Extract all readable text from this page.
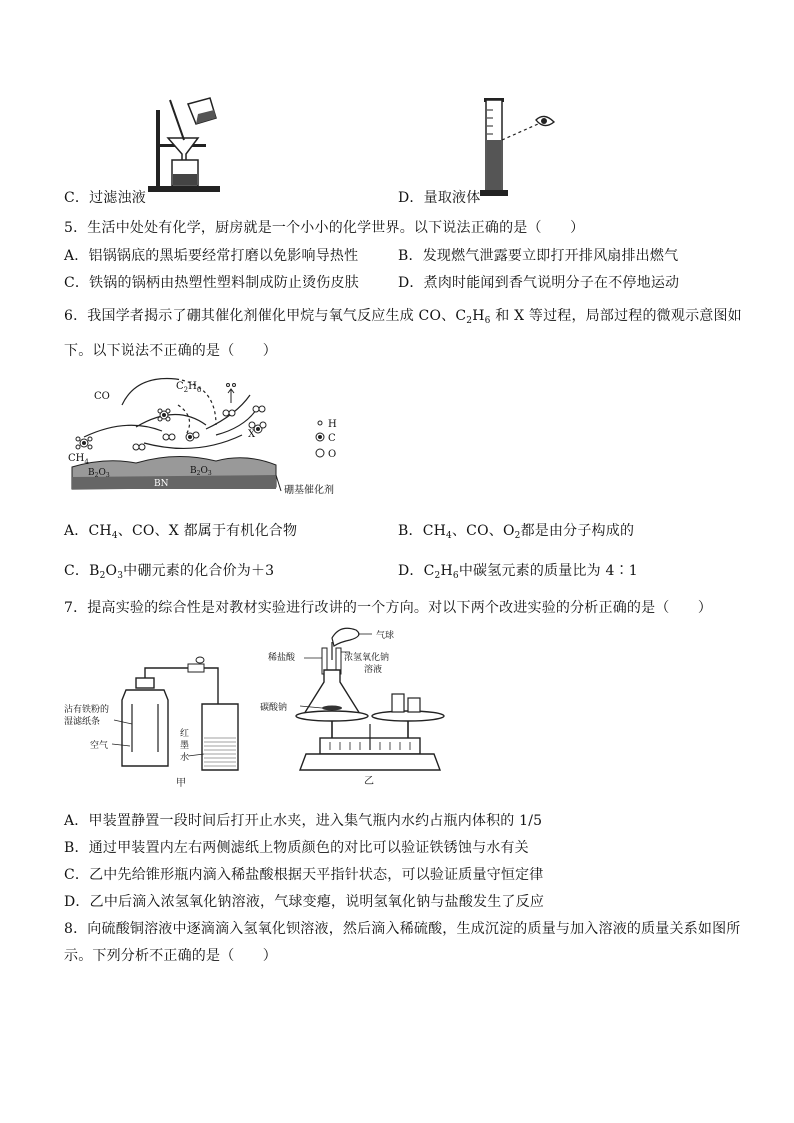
C．过滤浊液	D．量取液体
5．生活中处处有化学，厨房就是一个小小的化学世界。以下说法正确的是（　　）
A．铝锅锅底的黑垢要经常打磨以免影响导热性	B．发现燃气泄露要立即打开排风扇排出燃气
C．铁锅的锅柄由热塑性塑料制成防止烫伤皮肤	D．煮肉时能闻到香气说明分子在不停地运动
6．我国学者揭示了硼其催化剂催化甲烷与氧气反应生成 CO、$C_2H_6$ 和 X 等过程，局部过程的微观示意图如
下。以下说法不正确的是（　　）
CO
$C_2H_6$
$CH_4$
X
$B_2O_3$	$B_2O_3$
BN
H
C
O
硼基催化剂
A．$CH_4$、CO、X 都属于有机化合物	B．$CH_4$、CO、$O_2$都是由分子构成的
C．$B_2O_3$中硼元素的化合价为＋3	D．$C_2H_6$中碳氢元素的质量比为 4∶1
7．提高实验的综合性是对教材实验进行改讲的一个方向。对以下两个改进实验的分析正确的是（　　）
沾有铁粉的
湿滤纸条
空气
红
墨
水
甲
气球
稀盐酸	浓氢氧化钠
溶液
碳酸钠
乙
A．甲装置静置一段时间后打开止水夹，进入集气瓶内水约占瓶内体积的 1/5
B．通过甲装置内左右两侧滤纸上物质颜色的对比可以验证铁锈蚀与水有关
C．乙中先给锥形瓶内滴入稀盐酸根据天平指针状态，可以验证质量守恒定律
D．乙中后滴入浓氢氧化钠溶液，气球变瘪，说明氢氧化钠与盐酸发生了反应
8．向硫酸铜溶液中逐滴滴入氢氧化钡溶液，然后滴入稀硫酸，生成沉淀的质量与加入溶液的质量关系如图所
示。下列分析不正确的是（　　）
